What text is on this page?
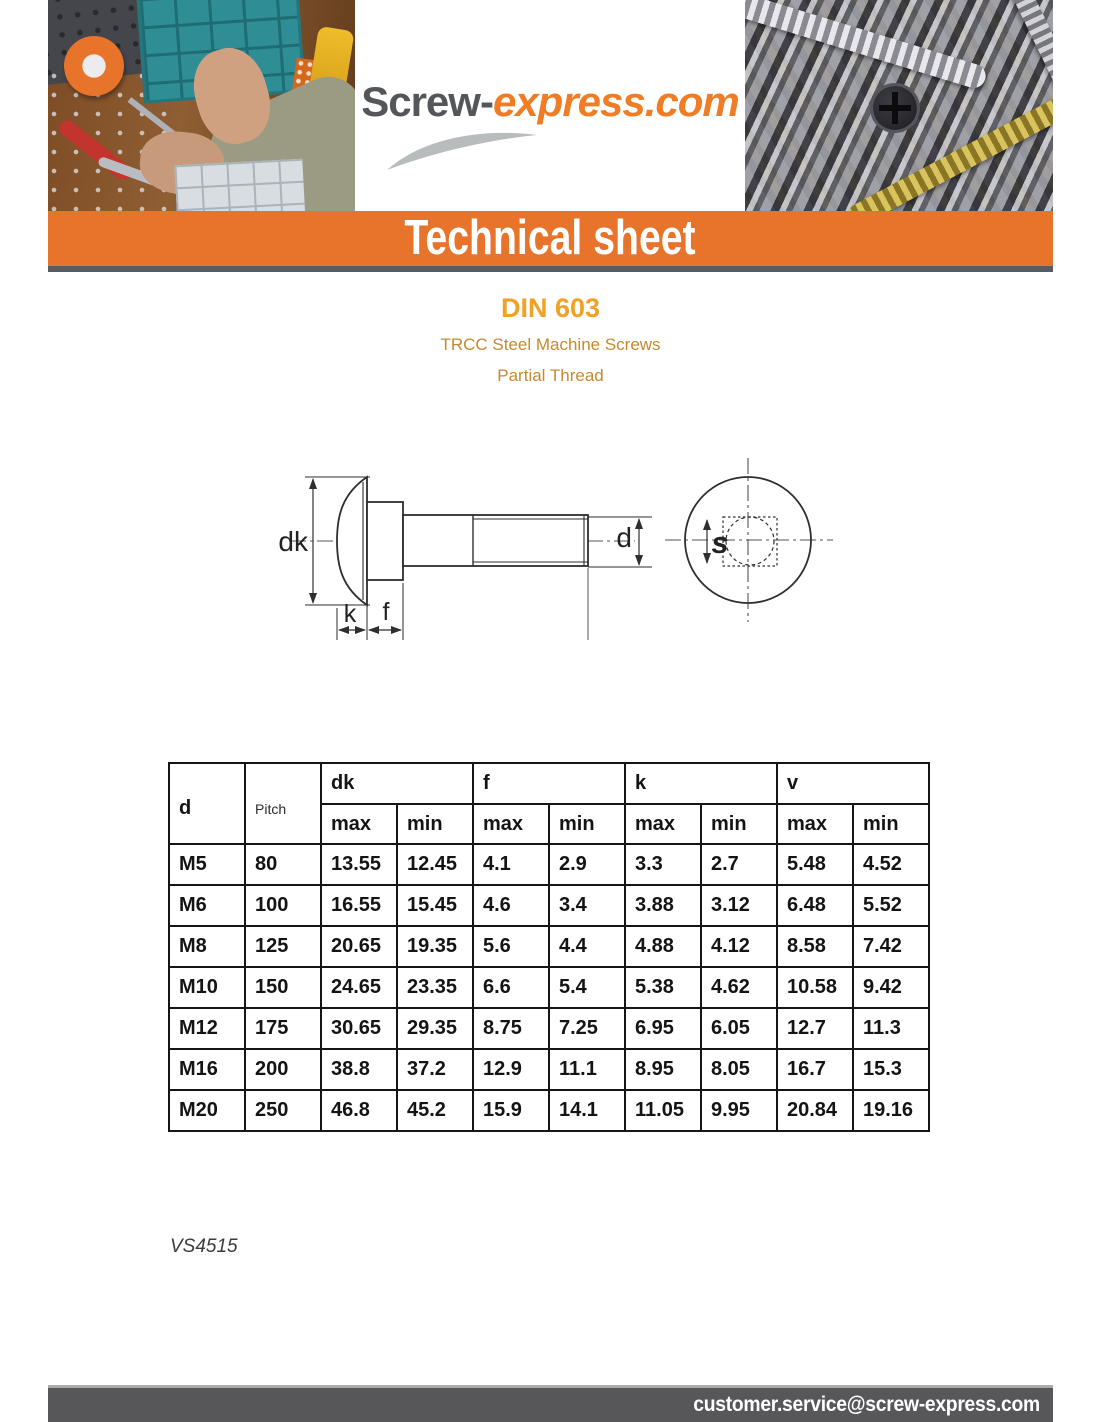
Screw-express.com
Technical sheet
DIN 603
TRCC Steel Machine Screws
Partial Thread
dk
k f
d	s
d	Pitch	dk		f		k		v	
		max	min	max	min	max	min	max	min
M5	80	13.55	12.45	4.1	2.9	3.3	2.7	5.48	4.52
M6	100	16.55	15.45	4.6	3.4	3.88	3.12	6.48	5.52
M8	125	20.65	19.35	5.6	4.4	4.88	4.12	8.58	7.42
M10	150	24.65	23.35	6.6	5.4	5.38	4.62	10.58	9.42
M12	175	30.65	29.35	8.75	7.25	6.95	6.05	12.7	11.3
M16	200	38.8	37.2	12.9	11.1	8.95	8.05	16.7	15.3
M20	250	46.8	45.2	15.9	14.1	11.05	9.95	20.84	19.16
VS4515
customer.service@screw-express.com
